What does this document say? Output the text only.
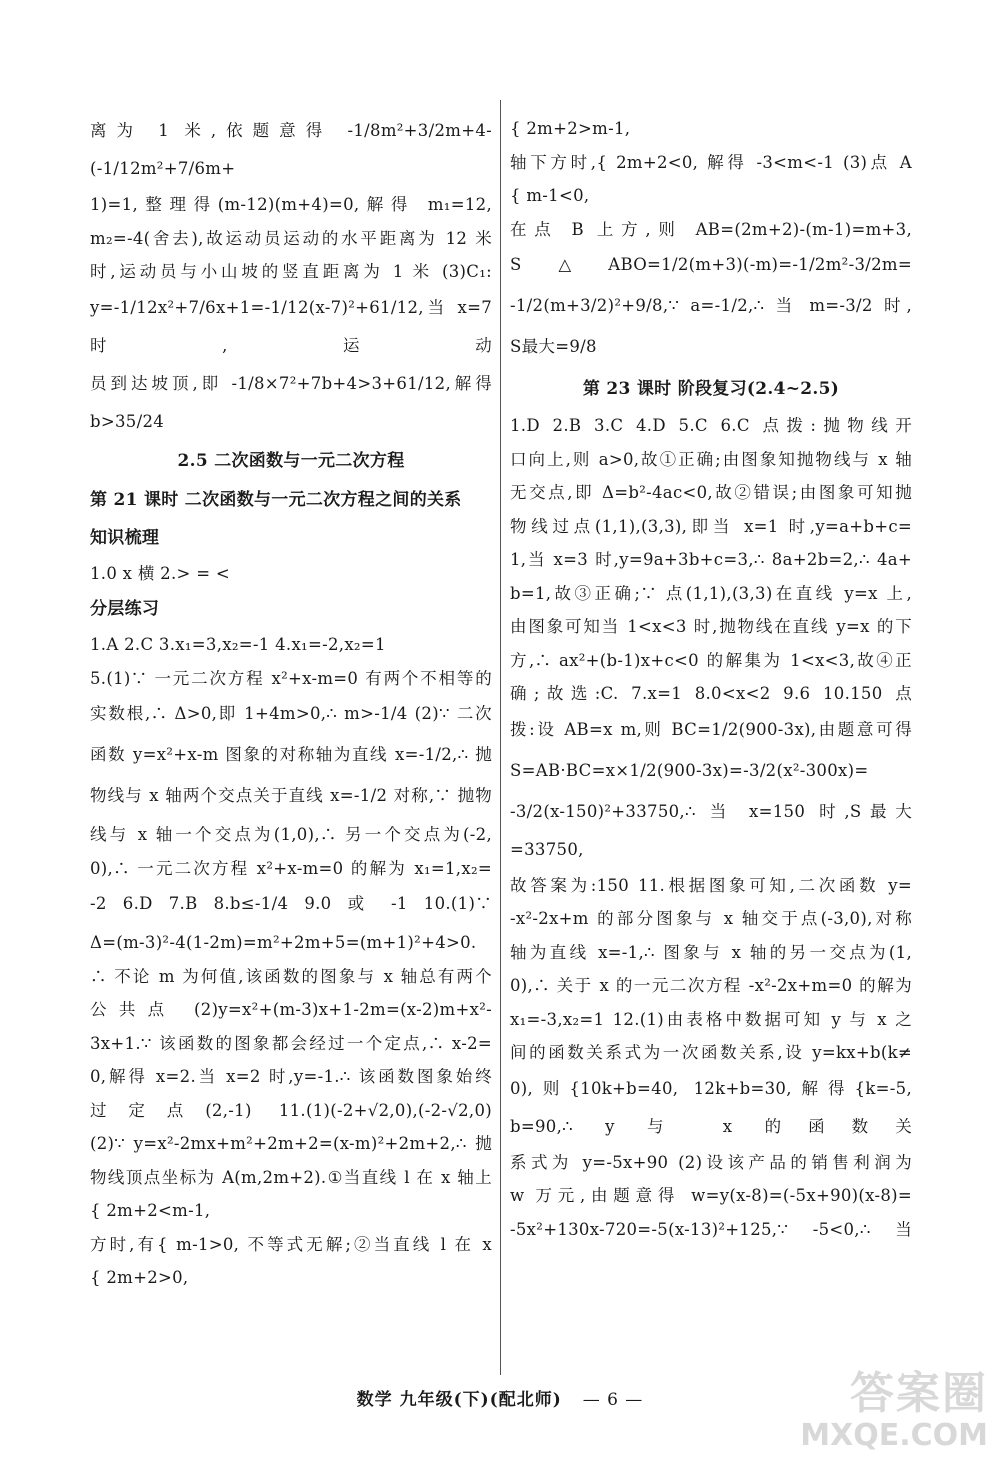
离为 1 米,依题意得 -1/8m²+3/2m+4-(-1/12m²+7/6m+
1)=1,整理得(m-12)(m+4)=0,解得 m₁=12,
m₂=-4(舍去),故运动员运动的水平距离为 12 米
时,运动员与小山坡的竖直距离为 1 米 (3)C₁:
y=-1/12x²+7/6x+1=-1/12(x-7)²+61/12,当 x=7 时,运动
员到达坡顶,即 -1/8×7²+7b+4>3+61/12,解得 b>35/24
2.5 二次函数与一元二次方程
第 21 课时 二次函数与一元二次方程之间的关系
知识梳理
1.0 x 横 2.> = <
分层练习
1.A 2.C 3.x₁=3,x₂=-1 4.x₁=-2,x₂=1
5.(1)∵ 一元二次方程 x²+x-m=0 有两个不相等的
实数根,∴ Δ>0,即 1+4m>0,∴ m>-1/4 (2)∵ 二次
函数 y=x²+x-m 图象的对称轴为直线 x=-1/2,∴ 抛
物线与 x 轴两个交点关于直线 x=-1/2 对称,∵ 抛物
线与 x 轴一个交点为(1,0),∴ 另一个交点为(-2,
0),∴ 一元二次方程 x²+x-m=0 的解为 x₁=1,x₂=
-2 6.D 7.B 8.b≤-1/4 9.0 或 -1 10.(1)∵
Δ=(m-3)²-4(1-2m)=m²+2m+5=(m+1)²+4>0.
∴ 不论 m 为何值,该函数的图象与 x 轴总有两个
公共点 (2)y=x²+(m-3)x+1-2m=(x-2)m+x²-
3x+1.∵ 该函数的图象都会经过一个定点,∴ x-2=
0,解得 x=2.当 x=2 时,y=-1.∴ 该函数图象始终
过定点(2,-1) 11.(1)(-2+√2,0),(-2-√2,0)
(2)∵ y=x²-2mx+m²+2m+2=(x-m)²+2m+2,∴ 抛
物线顶点坐标为 A(m,2m+2).①当直线 l 在 x 轴上
{ 2m+2<m-1,
方时,有{ m-1>0, 不等式无解;②当直线 l 在 x
{ 2m+2>0,
{ 2m+2>m-1,
轴下方时,{ 2m+2<0, 解得 -3<m<-1 (3)点 A
{ m-1<0,
在点 B 上方,则 AB=(2m+2)-(m-1)=m+3,
S△ABO=1/2(m+3)(-m)=-1/2m²-3/2m=
-1/2(m+3/2)²+9/8,∵ a=-1/2,∴ 当 m=-3/2 时,
S最大=9/8
第 23 课时 阶段复习(2.4~2.5)
1.D 2.B 3.C 4.D 5.C 6.C 点拨:抛物线开
口向上,则 a>0,故①正确;由图象知抛物线与 x 轴
无交点,即 Δ=b²-4ac<0,故②错误;由图象可知抛
物线过点(1,1),(3,3),即当 x=1 时,y=a+b+c=
1,当 x=3 时,y=9a+3b+c=3,∴ 8a+2b=2,∴ 4a+
b=1,故③正确;∵ 点(1,1),(3,3)在直线 y=x 上,
由图象可知当 1<x<3 时,抛物线在直线 y=x 的下
方,∴ ax²+(b-1)x+c<0 的解集为 1<x<3,故④正
确;故选:C. 7.x=1 8.0<x<2 9.6 10.150 点
拨:设 AB=x m,则 BC=1/2(900-3x),由题意可得
S=AB·BC=x×1/2(900-3x)=-3/2(x²-300x)=
-3/2(x-150)²+33750,∴ 当 x=150 时,S最大=33750,
故答案为:150 11.根据图象可知,二次函数 y=
-x²-2x+m 的部分图象与 x 轴交于点(-3,0),对称
轴为直线 x=-1,∴ 图象与 x 轴的另一交点为(1,
0),∴ 关于 x 的一元二次方程 -x²-2x+m=0 的解为
x₁=-3,x₂=1 12.(1)由表格中数据可知 y 与 x 之
间的函数关系式为一次函数关系,设 y=kx+b(k≠
0),则{10k+b=40, 12k+b=30,解得{k=-5, b=90,∴ y 与 x 的函数关
系式为 y=-5x+90 (2)设该产品的销售利润为
w 万元,由题意得 w=y(x-8)=(-5x+90)(x-8)=
-5x²+130x-720=-5(x-13)²+125,∵ -5<0,∴ 当
数学 九年级(下)(配北师) — 6 —	答案圈
MXQE.COM
